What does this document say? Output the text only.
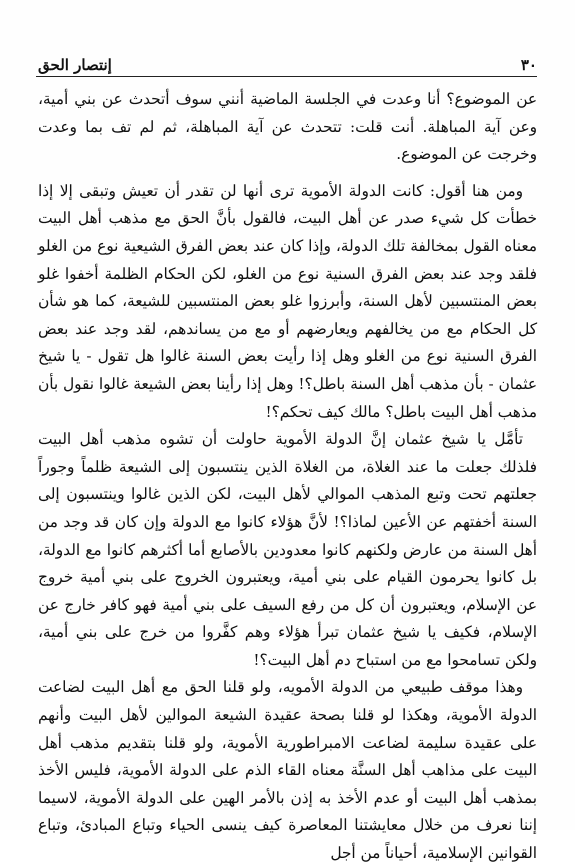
٣٠
إنتصار الحق

عن الموضوع؟ أنا وعدت في الجلسة الماضية أنني سوف أتحدث عن بني أمية، وعن آية المباهلة. أنت قلت: تتحدث عن آية المباهلة، ثم لم تف بما وعدت وخرجت عن الموضوع.

ومن هنا أقول: كانت الدولة الأموية ترى أنها لن تقدر أن تعيش وتبقى إلا إذا خطأت كل شيء صدر عن أهل البيت، فالقول بأنَّ الحق مع مذهب أهل البيت معناه القول بمخالفة تلك الدولة، وإذا كان عند بعض الفرق الشيعية نوع من الغلو فلقد وجد عند بعض الفرق السنية نوع من الغلو، لكن الحكام الظلمة أخفوا غلو بعض المنتسبين لأهل السنة، وأبرزوا غلو بعض المنتسبين للشيعة، كما هو شأن كل الحكام مع من يخالفهم ويعارضهم أو مع من يساندهم، لقد وجد عند بعض الفرق السنية نوع من الغلو وهل إذا رأيت بعض السنة غالوا هل تقول - يا شيخ عثمان - بأن مذهب أهل السنة باطل؟! وهل إذا رأينا بعض الشيعة غالوا نقول بأن مذهب أهل البيت باطل؟ مالك كيف تحكم؟!

تأمَّل يا شيخ عثمان إنَّ الدولة الأموية حاولت أن تشوه مذهب أهل البيت فلذلك جعلت ما عند الغلاة، من الغلاة الذين ينتسبون إلى الشيعة ظلماً وجوراً جعلتهم تحت وتبع المذهب الموالي لأهل البيت، لكن الذين غالوا وينتسبون إلى السنة أخفتهم عن الأعين لماذا؟! لأنَّ هؤلاء كانوا مع الدولة وإن كان قد وجد من أهل السنة من عارض ولكنهم كانوا معدودين بالأصابع أما أكثرهم كانوا مع الدولة، بل كانوا يحرمون القيام على بني أمية، ويعتبرون الخروج على بني أمية خروج عن الإسلام، ويعتبرون أن كل من رفع السيف على بني أمية فهو كافر خارج عن الإسلام، فكيف يا شيخ عثمان تبرأ هؤلاء وهم كفَّروا من خرج على بني أمية، ولكن تسامحوا مع من استباح دم أهل البيت؟!

وهذا موقف طبيعي من الدولة الأمويه، ولو قلنا الحق مع أهل البيت لضاعت الدولة الأموية، وهكذا لو قلنا بصحة عقيدة الشيعة الموالين لأهل البيت وأنهم على عقيدة سليمة لضاعت الامبراطورية الأموية، ولو قلنا بتقديم مذهب أهل البيت على مذاهب أهل السنَّة معناه القاء الذم على الدولة الأموية، فليس الأخذ بمذهب أهل البيت أو عدم الأخذ به إذن بالأمر الهين على الدولة الأموية، لاسيما إننا نعرف من خلال معايشتنا المعاصرة كيف ينسى الحياء وتباع المبادئ، وتباع القوانين الإسلامية، أحياناً من أجل
